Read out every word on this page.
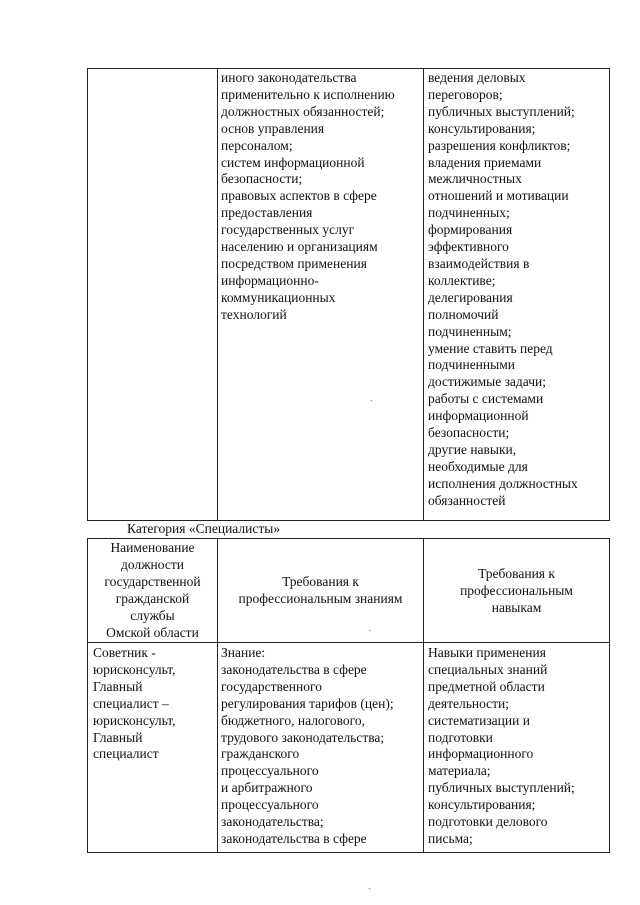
иного законодательства
применительно к исполнению
должностных обязанностей;
основ управления
персоналом;
систем информационной
безопасности;
правовых аспектов в сфере
предоставления
государственных услуг
населению и организациям
посредством применения
информационно-
коммуникационных
технологий
ведения деловых
переговоров;
публичных выступлений;
консультирования;
разрешения конфликтов;
владения приемами
межличностных
отношений и мотивации
подчиненных;
формирования
эффективного
взаимодействия в
коллективе;
делегирования
полномочий
подчиненным;
умение ставить перед
подчиненными
достижимые задачи;
работы с системами
информационной
безопасности;
другие навыки,
необходимые для
исполнения должностных
обязанностей
ˎ
Категория «Специалисты»
Наименование
должности
государственной
гражданской
службы
Омской области
Требования к
профессиональным знаниям
Требования к
профессиональным
навыкам
ˎ
Советник -
юрисконсульт,
Главный
специалист –
юрисконсульт,
Главный
специалист
Знание:
законодательства в сфере
государственного
регулирования тарифов (цен);
бюджетного, налогового,
трудового законодательства;
гражданского
процессуального
и арбитражного
процессуального
законодательства;
законодательства в сфере
Навыки применения
специальных знаний
предметной области
деятельности;
систематизации и
подготовки
информационного
материала;
публичных выступлений;
консультирования;
подготовки делового
письма;
ˎ
